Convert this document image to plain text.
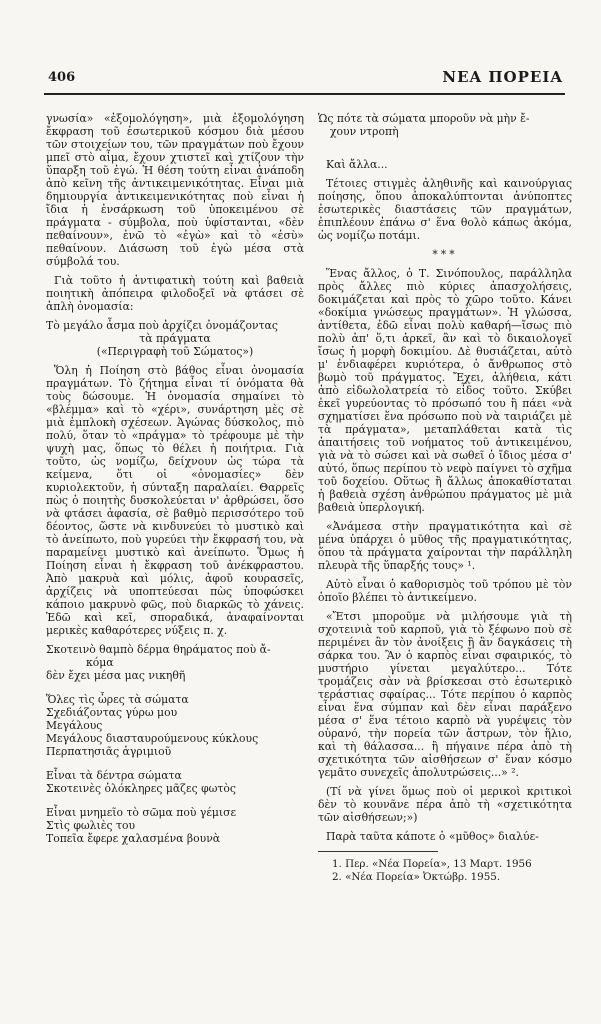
406	ΝΕΑ ΠΟΡΕΙΑ

γνωσία» «ἐξομολόγηση», μιὰ ἐξομολόγηση ἔκφραση τοῦ ἐσωτερικοῦ κόσμου διὰ μέσου τῶν στοιχείων του, τῶν πραγμάτων ποὺ ἔχουν μπεῖ στὸ αἷμα, ἔχουν χτιστεῖ καὶ χτίζουν τὴν ὕπαρξη τοῦ ἐγώ. Ἡ θέση τούτη εἶναι ἀνάποδη ἀπὸ κεῖνη τῆς ἀντικειμενικότητας. Εἶναι μιὰ δημιουργία ἀντικειμενικότητας ποὺ εἶναι ἡ ἴδια ἡ ἐνσάρκωση τοῦ ὑποκειμένου σὲ πράγματα - σύμβολα, ποὺ ὑφίστανται, «δὲν πεθαίνουν», ἐνῶ τὸ «ἐγὼ» καὶ τὸ «ἐσὺ» πεθαίνουν. Διάσωση τοῦ ἐγὼ μέσα στὰ σύμβολά του.

Γιὰ τοῦτο ἡ ἀντιφατικὴ τούτη καὶ βαθειὰ ποιητικὴ ἀπόπειρα φιλοδοξεῖ νὰ φτάσει σὲ ἁπλὴ ὀνομασία:

Τὸ μεγάλο ἆσμα ποὺ ἀρχίζει ὀνομάζοντας

τὰ πράγματα

(«Περιγραφὴ τοῦ Σώματος»)

Ὅλη ἡ Ποίηση στὸ βάθος εἶναι ὀνομασία πραγμάτων. Τὸ ζήτημα εἶναι τί ὀνόματα θὰ τοὺς δώσουμε. Ἡ ὀνομασία σημαίνει τὸ «βλέμμα» καὶ τὸ «χέρι», συνάρτηση μὲς σὲ μιὰ ἐμπλοκὴ σχέσεων. Ἀγώνας δύσκολος, πιὸ πολύ, ὅταν τὸ «πράγμα» τὸ τρέφουμε μὲ τὴν ψυχὴ μας, ὅπως τὸ θέλει ἡ ποιήτρια. Γιὰ τοῦτο, ὡς νομίζω, δείχνουν ὡς τώρα τὰ κείμενα, ὅτι οἱ «ὀνομασίες» δὲν κυριολεκτοῦν, ἡ σύνταξη παραλαίει. Θαρρεῖς πὼς ὁ ποιητὴς δυσκολεύεται ν' ἀρθρώσει, ὅσο νὰ φτάσει ἀφασία, σὲ βαθμὸ περισσότερο τοῦ δέοντος, ὥστε νὰ κινδυνεύει τὸ μυστικὸ καὶ τὸ ἀνείπωτο, ποὺ γυρεύει τὴν ἔκφρασή του, νὰ παραμείνει μυστικὸ καὶ ἀνείπωτο. Ὅμως ἡ Ποίηση εἶναι ἡ ἔκφραση τοῦ ἀνέκφραστου. Ἀπὸ μακρυὰ καὶ μόλις, ἀφοῦ κουρασεῖς, ἀρχίζεις νὰ υποπτεύεσαι πὼς ὑποφώσκει κάποιο μακρυνὸ φῶς, ποὺ διαρκῶς τὸ χάνεις. Ἐδῶ καὶ κεῖ, σποραδικά, ἀναφαίνονται μερικὲς καθαρότερες νύξεις π. χ.

Σκοτεινὸ θαμπὸ δέρμα θηράματος ποὺ ἄ-
κόμα
δὲν ἔχει μέσα μας νικηθῆ
Ὅλες τὶς ὧρες τὰ σώματα
Σχεδιάζοντας γύρω μου
Μεγάλους
Μεγάλους διασταυρούμενους κύκλους
Περπατησιᾶς ἀγριμιοῦ
Εἶναι τὰ δέντρα σώματα
Σκοτεινὲς ὁλόκληρες μᾶζες φωτὸς
Εἶναι μνημεῖο τὸ σῶμα ποὺ γέμισε
Στὶς φωλιὲς του
Τοπεῖα ἔφερε χαλασμένα βουνὰ
Ὡς πότε τὰ σώματα μποροῦν νὰ μὴν ἔ-
χουν ντροπὴ

Καὶ ἄλλα...

Τέτοιες στιγμὲς ἀληθινῆς καὶ καινούργιας ποίησης, ὅπου ἀποκαλύπτονται ἀνύποπτες ἐσωτερικὲς διαστάσεις τῶν πραγμάτων, ἐπιπλέουν ἐπάνω σ' ἕνα θολὸ κάπως ἀκόμα, ὡς νομίζω ποτάμι.

***

Ἕνας ἄλλος, ὁ Τ. Σινόπουλος, παράλληλα πρὸς ἄλλες πιὸ κύριες ἀπασχολήσεις, δοκιμάζεται καὶ πρὸς τὸ χῶρο τοῦτο. Κάνει «δοκίμια γνώσεως πραγμάτων». Ἡ γλώσσα, ἀντίθετα, ἐδῶ εἶναι πολὺ καθαρή—ἴσως πιὸ πολὺ ἀπ' ὅ,τι ἀρκεῖ, ἂν καὶ τὸ δικαιολογεῖ ἴσως ἡ μορφὴ δοκιμίου. Δὲ θυσιάζεται, αὐτὸ μ' ἐνδιαφέρει κυριότερα, ὁ ἄνθρωπος στὸ βωμὸ τοῦ πράγματος. Ἔχει, ἀλήθεια, κάτι ἀπὸ εἰδωλολατρεία τὸ εἶδος τοῦτο. Σκύβει ἐκεῖ γυρεύοντας τὸ πρόσωπό του ἢ πάει «νὰ σχηματίσει ἕνα πρόσωπο ποὺ νὰ ταιριάζει μὲ τὰ πράγματα», μεταπλάθεται κατὰ τὶς ἀπαιτήσεις τοῦ νοήματος τοῦ ἀντικειμένου, γιὰ νὰ τὸ σώσει καὶ νὰ σωθεῖ ὁ ἴδιος μέσα σ' αὐτό, ὅπως περίπου τὸ νεφὸ παίγνει τὸ σχῆμα τοῦ δοχείου. Οὕτως ἢ ἄλλως ἀποκαθίσταται ἡ βαθειὰ σχέση ἀνθρώπου πράγματος μὲ μιὰ βαθειὰ ὑπερλογική.

«Ἀνάμεσα στὴν πραγματικότητα καὶ σὲ μένα ὑπάρχει ὁ μῦθος τῆς πραγματικότητας, ὅπου τὰ πράγματα χαίρονται τὴν παράλληλη πλευρὰ τῆς ὕπαρξής τους» ¹.

Αὐτὸ εἶναι ὁ καθορισμὸς τοῦ τρόπου μὲ τὸν ὁποῖο βλέπει τὸ ἀντικείμενο.

«Ἔτσι μποροῦμε νὰ μιλήσουμε γιὰ τὴ σχοτεινιὰ τοῦ καρποῦ, γιὰ τὸ ξέφωνο ποὺ σὲ περιμένει ἂν τὸν ἀνοίξεις ἢ ἂν δαγκάσεις τὴ σάρκα του. Ἂν ὁ καρπὸς εἶναι σφαιρικός, τὸ μυστήριο γίνεται μεγαλύτερο... Τότε τρομάζεις σὰν νὰ βρίσκεσαι στὸ ἐσωτερικὸ τεράστιας σφαίρας... Τότε περίπου ὁ καρπὸς εἶναι ἕνα σύμπαν καὶ δὲν εἶναι παράξενο μέσα σ' ἕνα τέτοιο καρπὸ νὰ γυρέψεις τὸν οὐρανό, τὴν πορεία τῶν ἄστρων, τὸν ἥλιο, καὶ τὴ θάλασσα... ἢ πήγαινε πέρα ἀπὸ τὴ σχετικότητα τῶν αἰσθήσεων σ' ἕναν κόσμο γεμᾶτο συνεχεῖς ἀπολυτρώσεις...» ².

(Τί νὰ γίνει ὅμως ποὺ οἱ μερικοὶ κριτικοὶ δὲν τὸ κουνᾶνε πέρα ἀπὸ τὴ «σχετικότητα τῶν αἰσθήσεων;»)

Παρὰ ταῦτα κάποτε ὁ «μῦθος» διαλύε-

1. Περ. «Νέα Πορεία», 13 Μαρτ. 1956

2. «Νέα Πορεία» Ὀκτώβρ. 1955.
